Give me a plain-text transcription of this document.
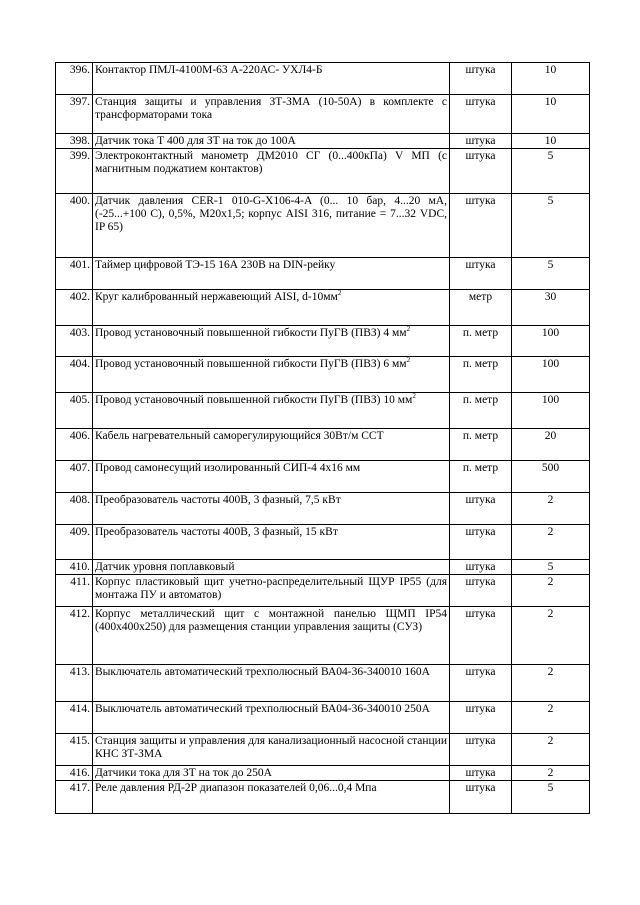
396.	Контактор ПМЛ-4100М-63 А-220АС- УХЛ4-Б	штука	10
397.	Станция защиты и управления ЗТ-ЗМА (10-50А) в комплекте с трансформаторами тока	штука	10
398.	Датчик тока Т 400 для ЗТ на ток до 100А	штука	10
399.	Электроконтактный манометр ДМ2010 СГ (0...400кПа) V МП (с магнитным поджатием контактов)	штука	5
400.	Датчик давления CER-1 010-G-X106-4-A (0... 10 бар, 4...20 мА, (-25...+100 С), 0,5%, М20х1,5; корпус AISI 316, питание = 7...32 VDC, IP 65)	штука	5
401.	Таймер цифровой ТЭ-15 16А 230В на DIN-рейку	штука	5
402.	Круг калиброванный нержавеющий AISI, $d-10мм^2$	метр	30
403.	Провод установочный повышенной гибкости ПуГВ (ПВЗ) 4 $мм^2$	п. метр	100
404.	Провод установочный повышенной гибкости ПуГВ (ПВЗ) 6 $мм^2$	п. метр	100
405.	Провод установочный повышенной гибкости ПуГВ (ПВЗ) 10 $мм^2$	п. метр	100
406.	Кабель нагревательный саморегулирующийся 30Вт/м ССТ	п. метр	20
407.	Провод самонесущий изолированный СИП-4 4х16 мм	п. метр	500
408.	Преобразователь частоты 400В, 3 фазный, 7,5 кВт	штука	2
409.	Преобразователь частоты 400В, 3 фазный, 15 кВт	штука	2
410.	Датчик уровня поплавковый	штука	5
411.	Корпус пластиковый щит учетно-распределительный ЩУР IP55 (для монтажа ПУ и автоматов)	штука	2
412.	Корпус металлический щит с монтажной панелью ЩМП IP54 (400х400х250) для размещения станции управления защиты (СУЗ)	штука	2
413.	Выключатель автоматический трехполюсный ВА04-36-340010 160А	штука	2
414.	Выключатель автоматический трехполюсный ВА04-36-340010 250А	штука	2
415.	Станция защиты и управления для канализационный насосной станции КНС ЗТ-ЗМА	штука	2
416.	Датчики тока для ЗТ на ток до 250А	штука	2
417.	Реле давления РД-2Р диапазон показателей 0,06...0,4 Мпа	штука	5
